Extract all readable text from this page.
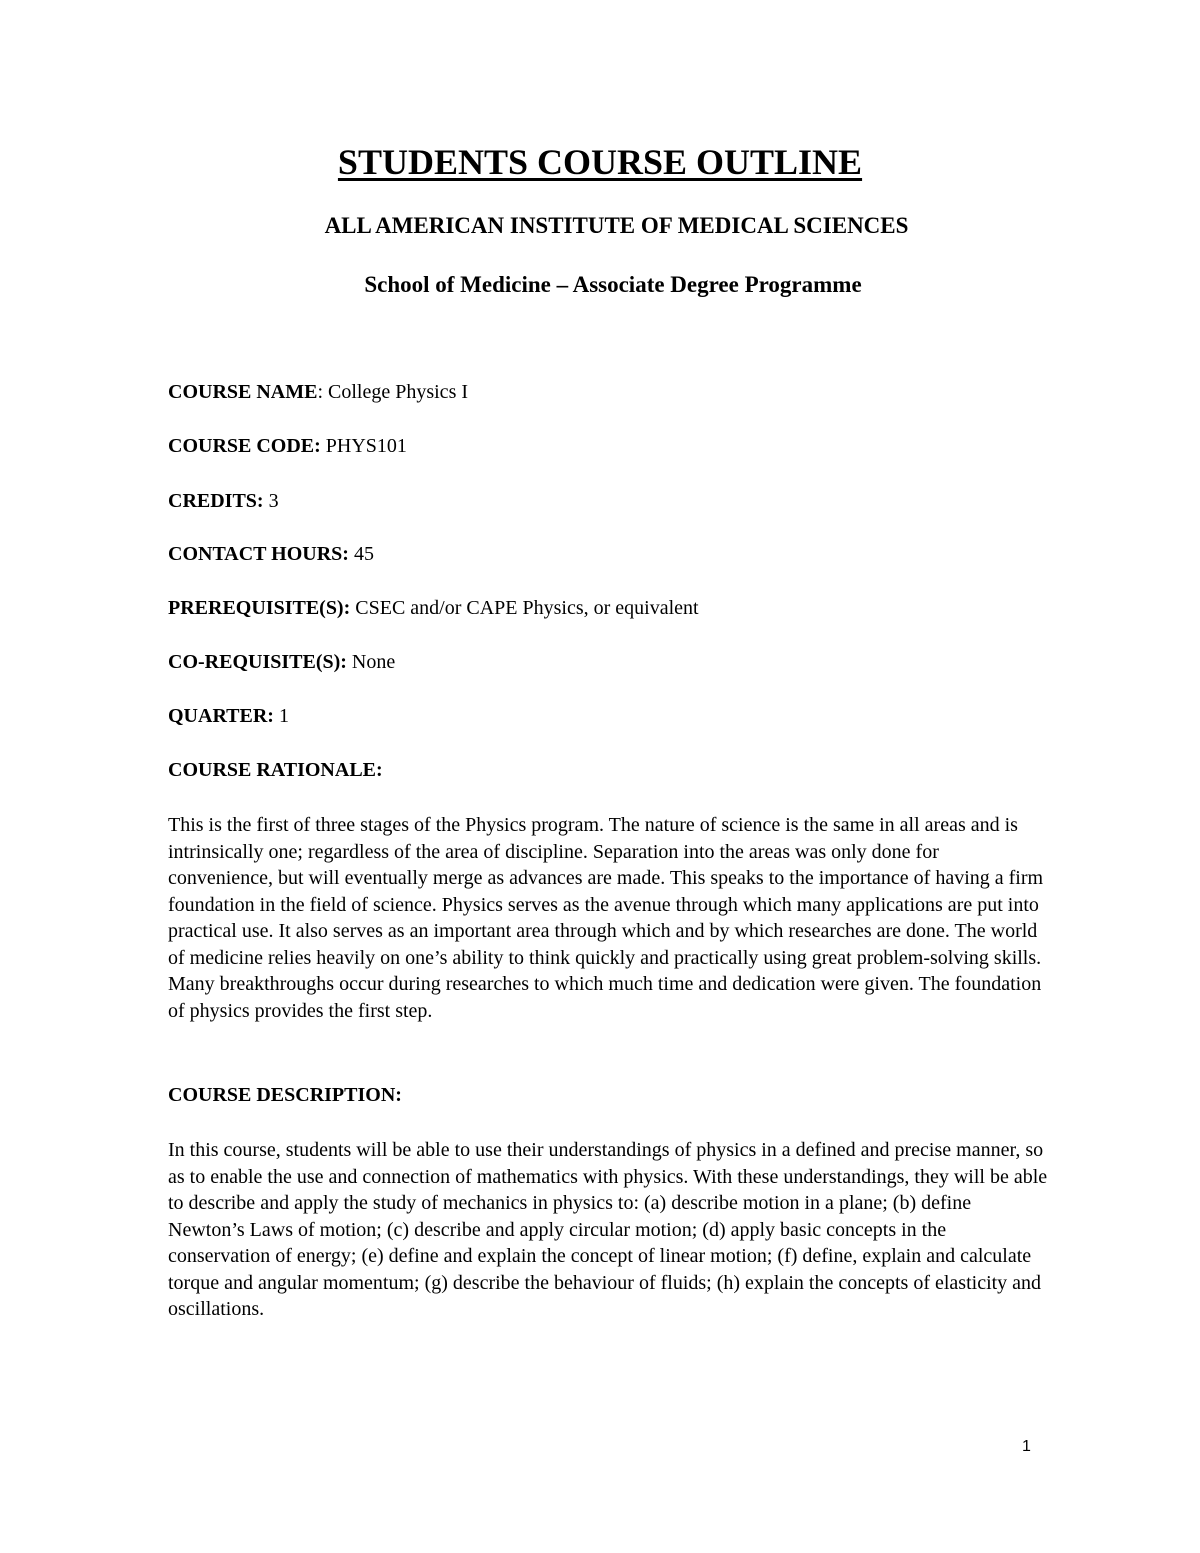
STUDENTS COURSE OUTLINE
ALL AMERICAN INSTITUTE OF MEDICAL SCIENCES
School of Medicine – Associate Degree Programme

COURSE NAME: College Physics I

COURSE CODE: PHYS101

CREDITS: 3

CONTACT HOURS: 45

PREREQUISITE(S): CSEC and/or CAPE Physics, or equivalent

CO-REQUISITE(S): None

QUARTER: 1

COURSE RATIONALE:

This is the first of three stages of the Physics program. The nature of science is the same in all areas and is intrinsically one; regardless of the area of discipline. Separation into the areas was only done for convenience, but will eventually merge as advances are made. This speaks to the importance of having a firm foundation in the field of science. Physics serves as the avenue through which many applications are put into practical use. It also serves as an important area through which and by which researches are done. The world of medicine relies heavily on one’s ability to think quickly and practically using great problem-solving skills. Many breakthroughs occur during researches to which much time and dedication were given. The foundation of physics provides the first step.

COURSE DESCRIPTION:

In this course, students will be able to use their understandings of physics in a defined and precise manner, so as to enable the use and connection of mathematics with physics. With these understandings, they will be able to describe and apply the study of mechanics in physics to: (a) describe motion in a plane; (b) define Newton’s Laws of motion; (c) describe and apply circular motion; (d) apply basic concepts in the conservation of energy; (e) define and explain the concept of linear motion; (f) define, explain and calculate torque and angular momentum; (g) describe the behaviour of fluids; (h) explain the concepts of elasticity and oscillations.

1
